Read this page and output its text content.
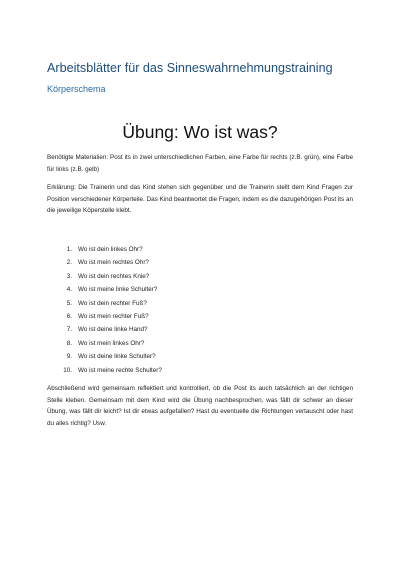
Arbeitsblätter für das Sinneswahrnehmungstraining
Körperschema
Übung: Wo ist was?
Benötigte Materialien: Post its in zwei unterschiedlichen Farben, eine Farbe für rechts (z.B. grün), eine Farbe für links (z.B. gelb)
Erklärung: Die Trainerin und das Kind stehen sich gegenüber und die Trainerin stellt dem Kind Fragen zur Position verschiedener Körperteile. Das Kind beantwortet die Fragen, indem es die dazugehörigen Post its an die jeweilige Köperstelle klebt.
1. Wo ist dein linkes Ohr?
2. Wo ist mein rechtes Ohr?
3. Wo ist dein rechtes Knie?
4. Wo ist meine linke Schulter?
5. Wo ist dein rechter Fuß?
6. Wo ist mein rechter Fuß?
7. Wo ist deine linke Hand?
8. Wo ist mein linkes Ohr?
9. Wo ist deine linke Schulter?
10. Wo ist meine rechte Schulter?
Abschließend wird gemeinsam reflektiert und kontrolliert, ob die Post its auch tatsächlich an der richtigen Stelle kleben. Gemeinsam mit dem Kind wird die Übung nachbesprochen, was fällt dir schwer an dieser Übung, was fällt dir leicht? Ist dir etwas aufgefallen? Hast du eventuelle die Richtungen vertauscht oder hast du alles richtig? Usw.
